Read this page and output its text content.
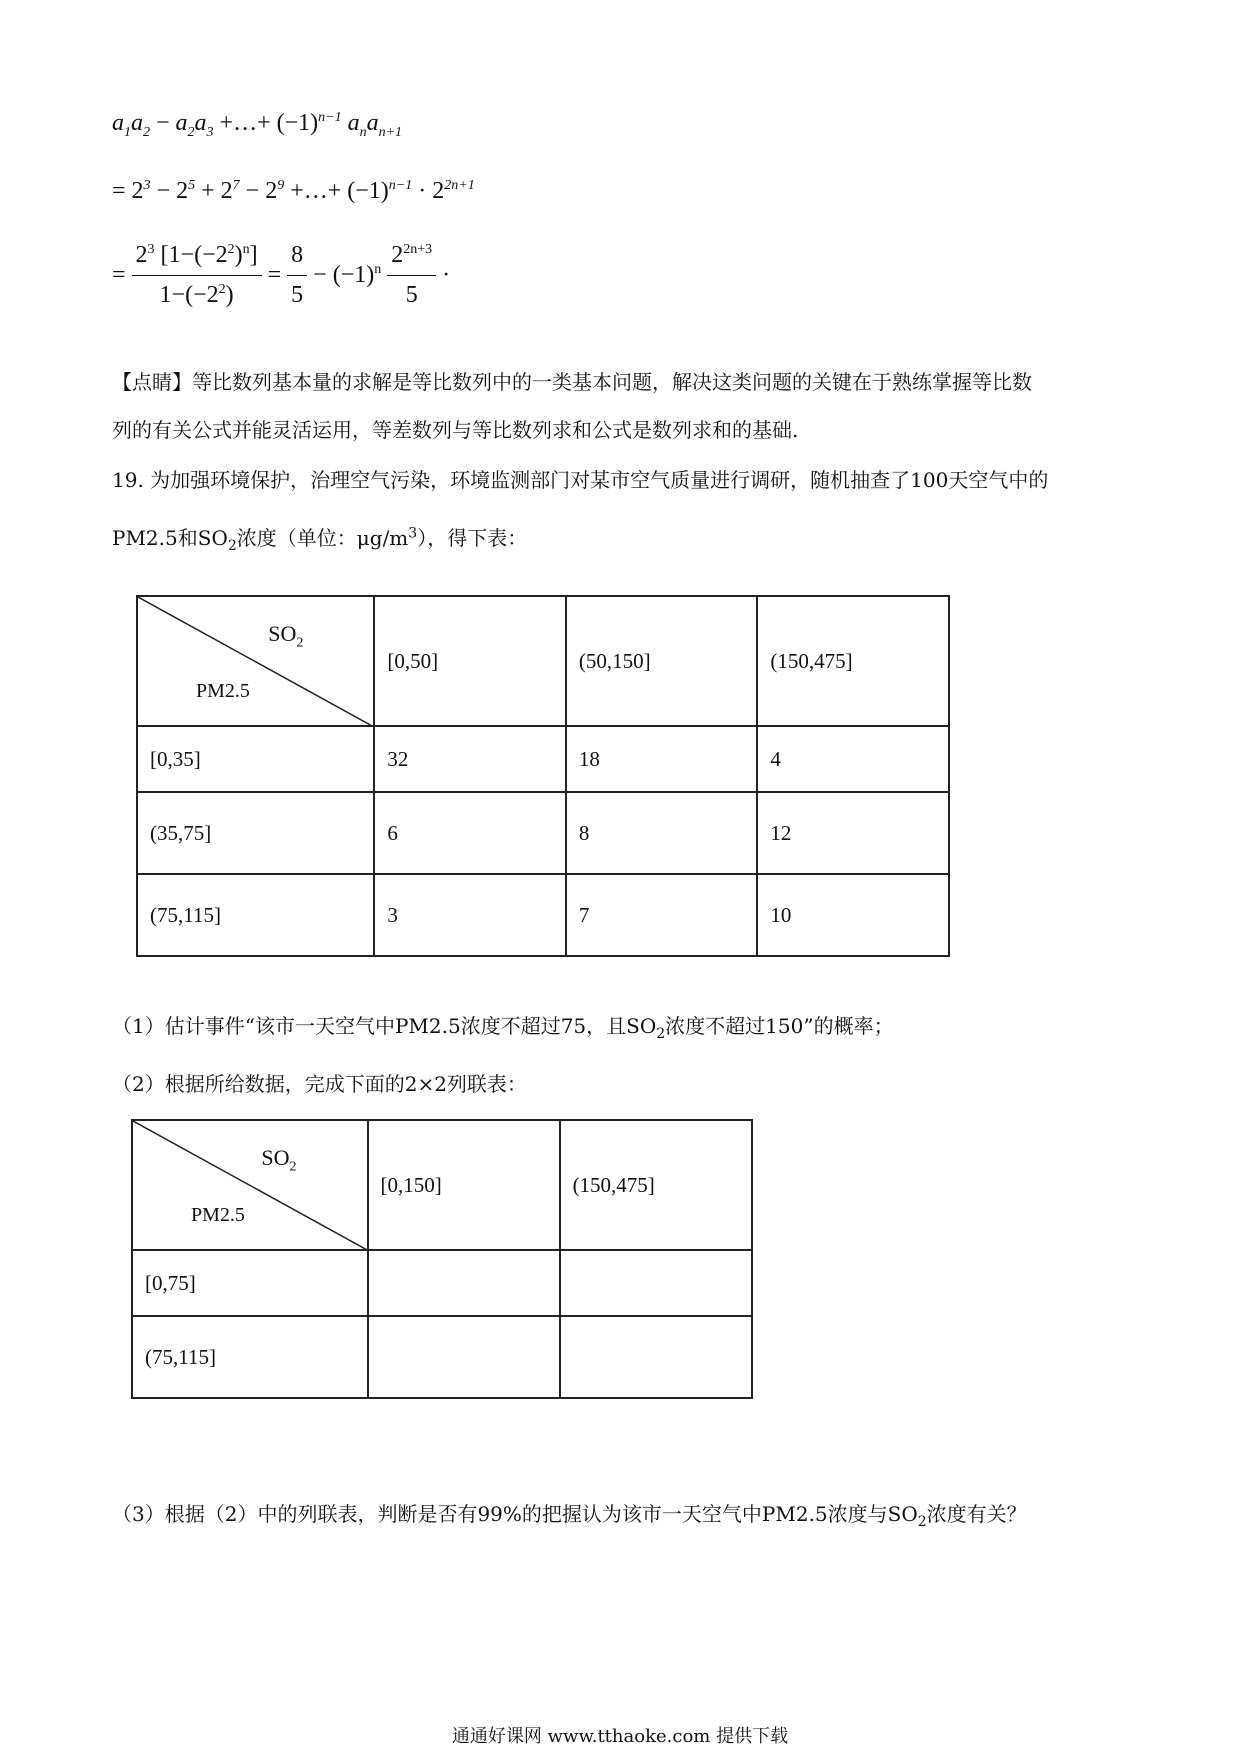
$a_1a_2 - a_2a_3$ +…+ $(-1)^{n-1}$ $a_na_{n+1}$
= $2^3 - 2^5 + 2^7 - 2^9$ +…+ $(-1)^{n-1} \cdot 2^{2n+1}$
= $\frac{2^3 [1-(-2^2)^n]}{1-(-2^2)} = \frac{8}{5} - (-1)^n \frac{2^{2n+3}}{5}$ ·
【点睛】等比数列基本量的求解是等比数列中的一类基本问题，解决这类问题的关键在于熟练掌握等比数
列的有关公式并能灵活运用，等差数列与等比数列求和公式是数列求和的基础.
19. 为加强环境保护，治理空气污染，环境监测部门对某市空气质量进行调研，随机抽查了100天空气中的
PM2.5和$SO_2$浓度（单位：$\mu g/m^3$），得下表：
$SO_2$
PM2.5	[0,50]	(50,150]	(150,475]
[0,35]	32	18	4
(35,75]	6	8	12
(75,115]	3	7	10
（1）估计事件“该市一天空气中PM2.5浓度不超过75，且$SO_2$浓度不超过150”的概率；
（2）根据所给数据，完成下面的2×2列联表：
$SO_2$
PM2.5	[0,150]	(150,475]
[0,75]		
(75,115]		
（3）根据（2）中的列联表，判断是否有99%的把握认为该市一天空气中PM2.5浓度与$SO_2$浓度有关？
通通好课网 www.tthaoke.com 提供下载
